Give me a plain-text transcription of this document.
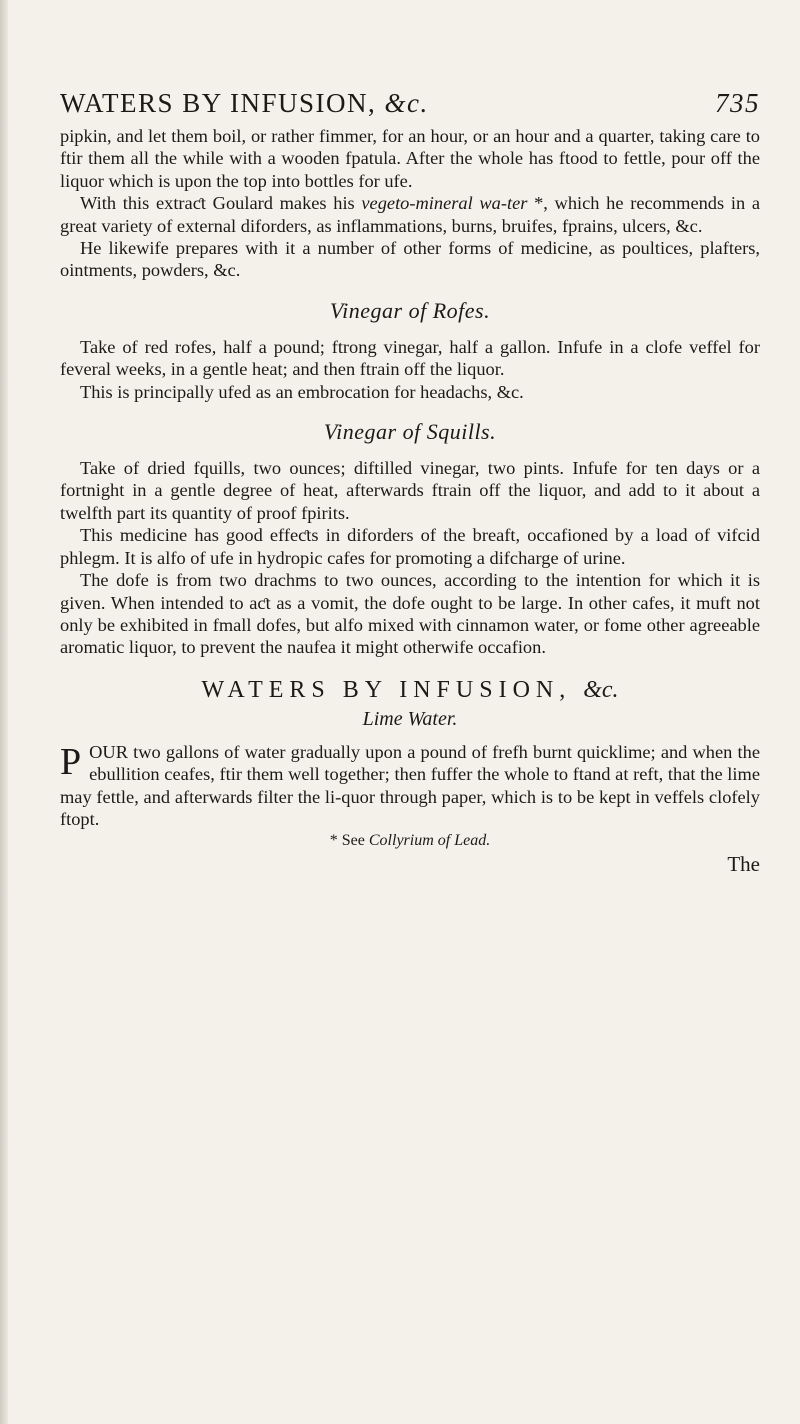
WATERS BY INFUSION, &c.	735

pipkin, and let them boil, or rather fimmer, for an hour, or an hour and a quarter, taking care to ftir them all the while with a wooden fpatula. After the whole has ftood to fettle, pour off the liquor which is upon the top into bottles for ufe.

With this extraƈt Goulard makes his vegeto-mineral wa-ter *, which he recommends in a great variety of external diforders, as inflammations, burns, bruifes, fprains, ulcers, &c.

He likewife prepares with it a number of other forms of medicine, as poultices, plafters, ointments, powders, &c.

Vinegar of Rofes.

Take of red rofes, half a pound; ftrong vinegar, half a gallon. Infufe in a clofe veffel for feveral weeks, in a gentle heat; and then ftrain off the liquor.

This is principally ufed as an embrocation for headachs, &c.

Vinegar of Squills.

Take of dried fquills, two ounces; diftilled vinegar, two pints. Infufe for ten days or a fortnight in a gentle degree of heat, afterwards ftrain off the liquor, and add to it about a twelfth part its quantity of proof fpirits.

This medicine has good effeƈts in diforders of the breaft, occafioned by a load of vifcid phlegm. It is alfo of ufe in hydropic cafes for promoting a difcharge of urine.

The dofe is from two drachms to two ounces, according to the intention for which it is given. When intended to aƈt as a vomit, the dofe ought to be large. In other cafes, it muft not only be exhibited in fmall dofes, but alfo mixed with cinnamon water, or fome other agreeable aromatic liquor, to prevent the naufea it might otherwife occafion.

WATERS BY INFUSION, &c.
Lime Water.

POUR two gallons of water gradually upon a pound of frefh burnt quicklime; and when the ebullition ceafes, ftir them well together; then fuffer the whole to ftand at reft, that the lime may fettle, and afterwards filter the li-quor through paper, which is to be kept in veffels clofely ftopt.

* See Collyrium of Lead.
The
